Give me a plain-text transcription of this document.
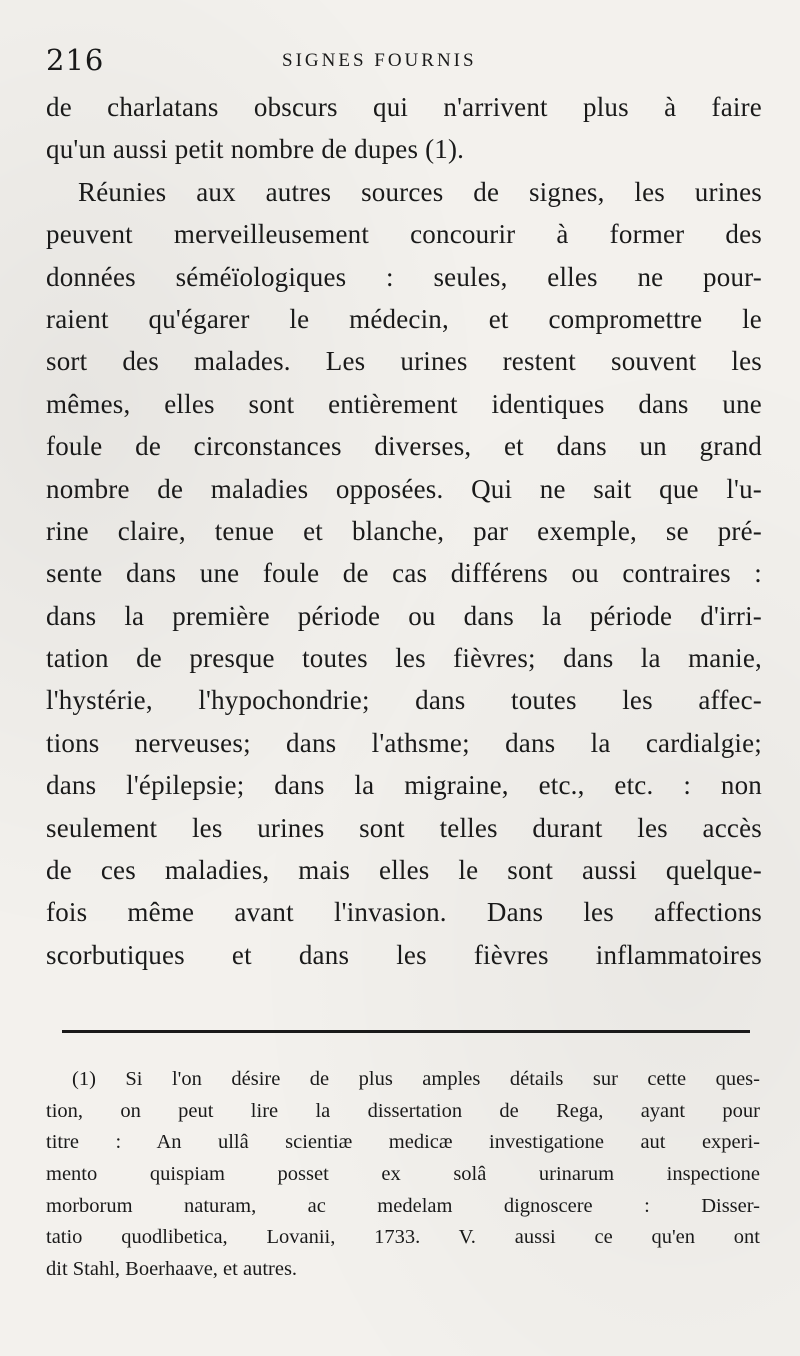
216	SIGNES FOURNIS
de charlatans obscurs qui n'arrivent plus à faire
qu'un aussi petit nombre de dupes (1).
Réunies aux autres sources de signes, les urines
peuvent merveilleusement concourir à former des
données séméïologiques : seules, elles ne pour-
raient qu'égarer le médecin, et compromettre le
sort des malades. Les urines restent souvent les
mêmes, elles sont entièrement identiques dans une
foule de circonstances diverses, et dans un grand
nombre de maladies opposées. Qui ne sait que l'u-
rine claire, tenue et blanche, par exemple, se pré-
sente dans une foule de cas différens ou contraires :
dans la première période ou dans la période d'irri-
tation de presque toutes les fièvres; dans la manie,
l'hystérie, l'hypochondrie; dans toutes les affec-
tions nerveuses; dans l'athsme; dans la cardialgie;
dans l'épilepsie; dans la migraine, etc., etc. : non
seulement les urines sont telles durant les accès
de ces maladies, mais elles le sont aussi quelque-
fois même avant l'invasion. Dans les affections
scorbutiques et dans les fièvres inflammatoires
(1) Si l'on désire de plus amples détails sur cette ques-
tion, on peut lire la dissertation de Rega, ayant pour
titre : An ullâ scientiæ medicæ investigatione aut experi-
mento quispiam posset ex solâ urinarum inspectione
morborum naturam, ac medelam dignoscere : Disser-
tatio quodlibetica, Lovanii, 1733. V. aussi ce qu'en ont
dit Stahl, Boerhaave, et autres.
